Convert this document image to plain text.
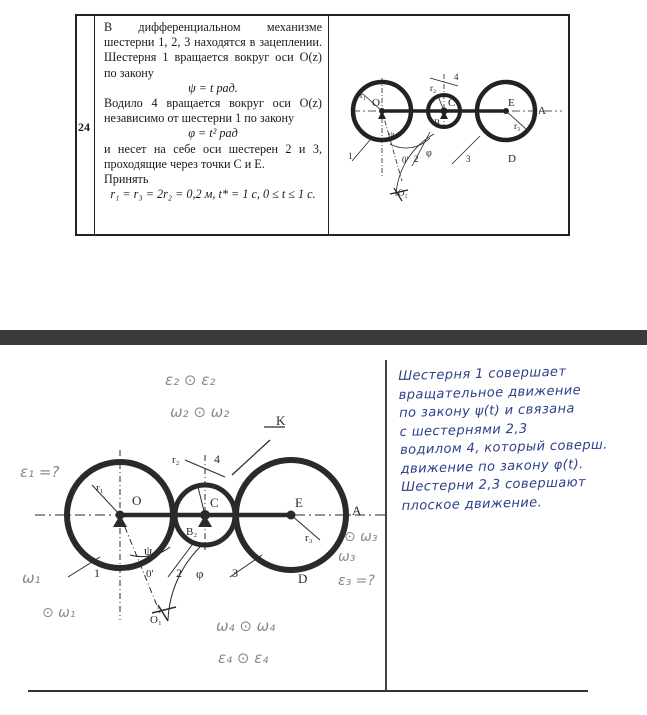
24
В дифференциальном механизме
шестерни 1, 2, 3 находятся в зацеплении.
Шестерня 1 вращается вокруг оси O(z)
по закону
ψ = t рад.
Водило 4 вращается вокруг оси O(z)
независимо от шестерни 1 по закону
φ = t² рад
и несет на себе оси шестерен 2 и 3,
проходящие через точки C и E.
Принять
r₁ = r₃ = 2r₂ = 0,2 м, t* = 1 с, 0 ≤ t ≤ 1 с.
O	C	E
A
D
B₂
O₁
0'
r₁
r₂
r₃
1	2	3
4
ψ
φ
O	C	E
A
D
B₂
O₁
0'
r₁
r₂
r₃
1	2	3
4
ψ
φ
K
ε₂ ⊙ ε₂
ω₂ ⊙ ω₂
ε₁ =?
ω₁
⊙ ω₁
⊙ ω₃
ω₃
ε₃ =?
ω₄ ⊙ ω₄
ε₄ ⊙ ε₄
Шестерня 1 совершает
вращательное движение
по закону ψ(t) и связана
с шестернями 2,3
водилом 4, который соверш.
движение по закону φ(t).
Шестерни 2,3 совершают
плоское движение.
